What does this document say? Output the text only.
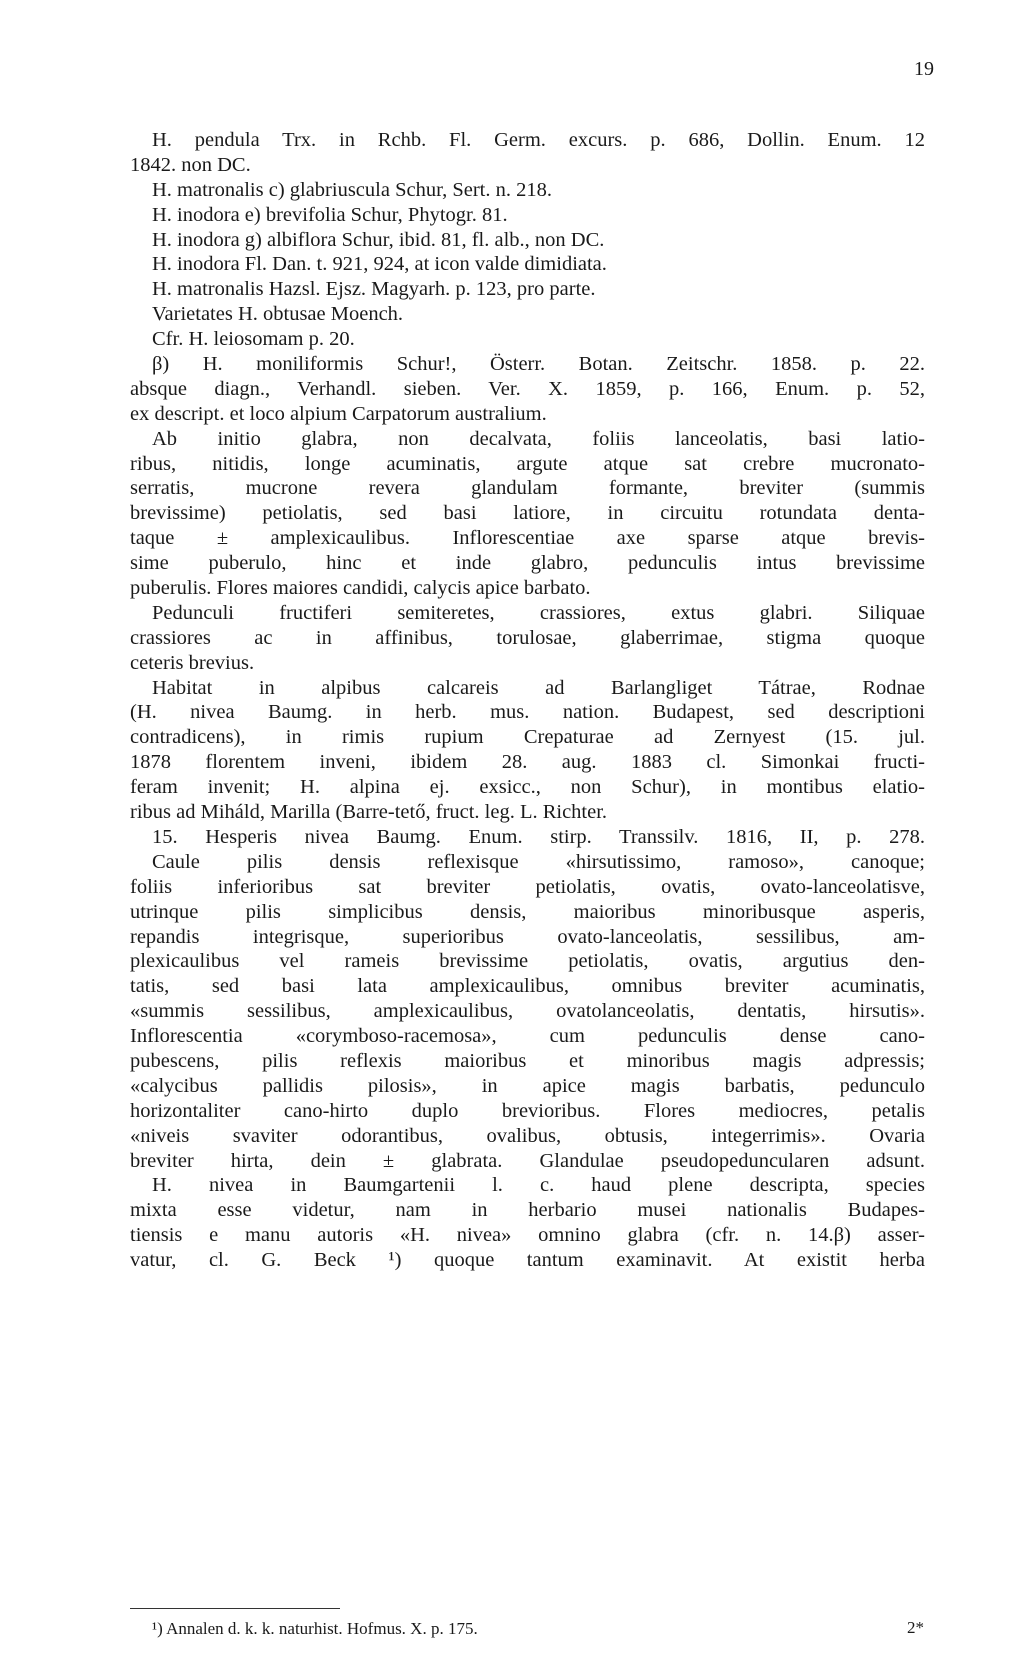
19
H. pendula Trx. in Rchb. Fl. Germ. excurs. p. 686, Dollin. Enum. 12
1842. non DC.
H. matronalis c) glabriuscula Schur, Sert. n. 218.
H. inodora e) brevifolia Schur, Phytogr. 81.
H. inodora g) albiflora Schur, ibid. 81, fl. alb., non DC.
H. inodora Fl. Dan. t. 921, 924, at icon valde dimidiata.
H. matronalis Hazsl. Ejsz. Magyarh. p. 123, pro parte.
Varietates H. obtusae Moench.
Cfr. H. leiosomam p. 20.
β) H. moniliformis Schur!, Österr. Botan. Zeitschr. 1858. p. 22.
absque diagn., Verhandl. sieben. Ver. X. 1859, p. 166, Enum. p. 52,
ex descript. et loco alpium Carpatorum australium.
Ab initio glabra, non decalvata, foliis lanceolatis, basi latio-
ribus, nitidis, longe acuminatis, argute atque sat crebre mucronato-
serratis, mucrone revera glandulam formante, breviter (summis
brevissime) petiolatis, sed basi latiore, in circuitu rotundata denta-
taque ± amplexicaulibus. Inflorescentiae axe sparse atque brevis-
sime puberulo, hinc et inde glabro, pedunculis intus brevissime
puberulis. Flores maiores candidi, calycis apice barbato.
Pedunculi fructiferi semiteretes, crassiores, extus glabri. Siliquae
crassiores ac in affinibus, torulosae, glaberrimae, stigma quoque
ceteris brevius.
Habitat in alpibus calcareis ad Barlangliget Tátrae, Rodnae
(H. nivea Baumg. in herb. mus. nation. Budapest, sed descriptioni
contradicens), in rimis rupium Crepaturae ad Zernyest (15. jul.
1878 florentem inveni, ibidem 28. aug. 1883 cl. Simonkai fructi-
feram invenit; H. alpina ej. exsicc., non Schur), in montibus elatio-
ribus ad Miháld, Marilla (Barre-tető, fruct. leg. L. Richter.
15. Hesperis nivea Baumg. Enum. stirp. Transsilv. 1816, II, p. 278.
Caule pilis densis reflexisque «hirsutissimo, ramoso», canoque;
foliis inferioribus sat breviter petiolatis, ovatis, ovato-lanceolatisve,
utrinque pilis simplicibus densis, maioribus minoribusque asperis,
repandis integrisque, superioribus ovato-lanceolatis, sessilibus, am-
plexicaulibus vel rameis brevissime petiolatis, ovatis, argutius den-
tatis, sed basi lata amplexicaulibus, omnibus breviter acuminatis,
«summis sessilibus, amplexicaulibus, ovatolanceolatis, dentatis, hirsutis».
Inflorescentia «corymboso-racemosa», cum pedunculis dense cano-
pubescens, pilis reflexis maioribus et minoribus magis adpressis;
«calycibus pallidis pilosis», in apice magis barbatis, pedunculo
horizontaliter cano-hirto duplo brevioribus. Flores mediocres, petalis
«niveis svaviter odorantibus, ovalibus, obtusis, integerrimis». Ovaria
breviter hirta, dein ± glabrata. Glandulae pseudopeduncularen adsunt.
H. nivea in Baumgartenii l. c. haud plene descripta, species
mixta esse videtur, nam in herbario musei nationalis Budapes-
tiensis e manu autoris «H. nivea» omnino glabra (cfr. n. 14.β) asser-
vatur, cl. G. Beck ¹) quoque tantum examinavit. At existit herba
¹) Annalen d. k. k. naturhist. Hofmus. X. p. 175.	2*
